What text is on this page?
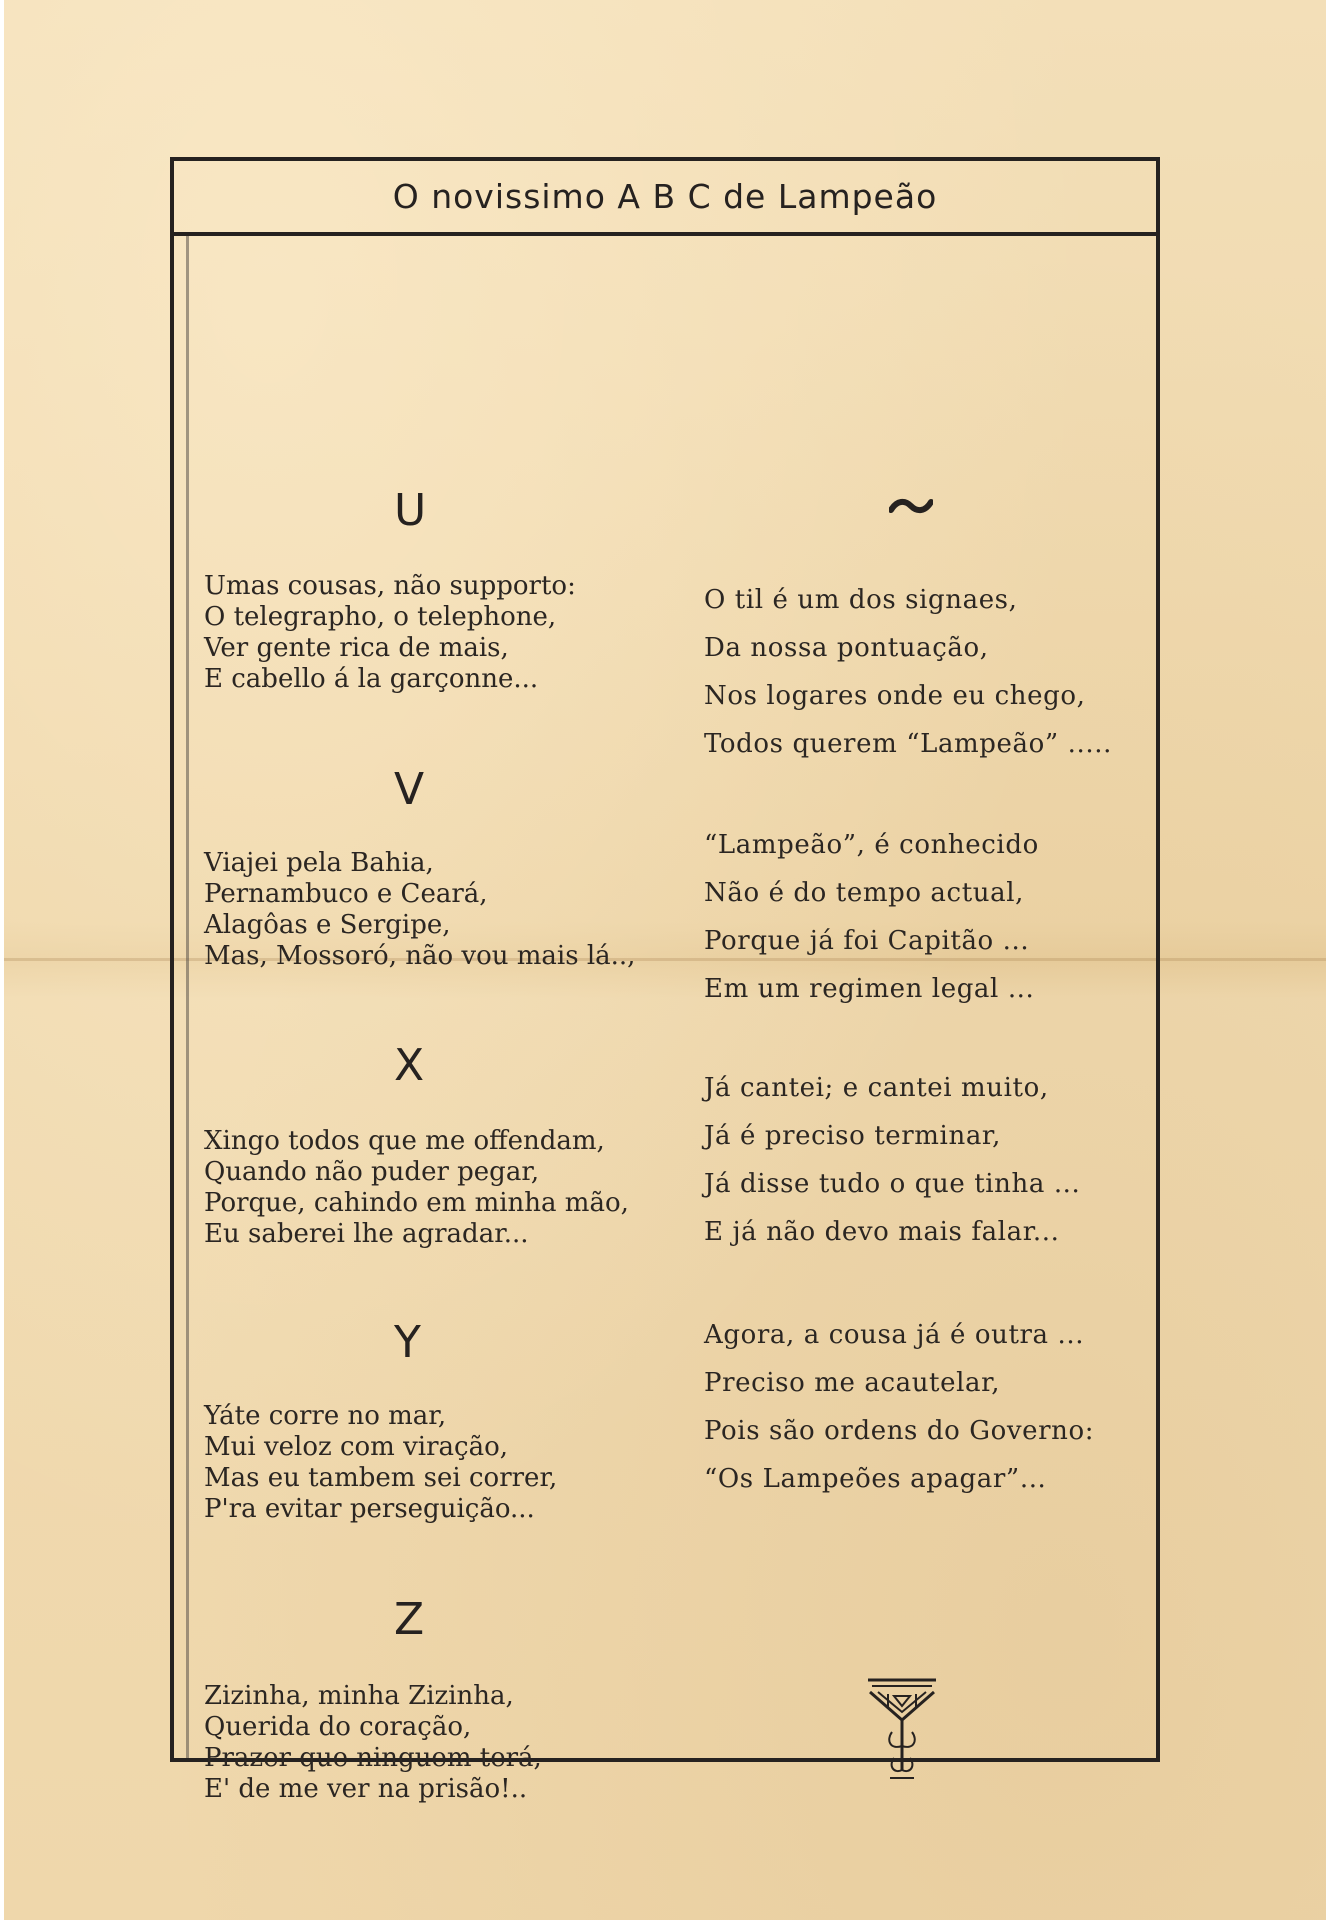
O novissimo A B C de Lampeão
U
Umas cousas, não supporto:
O telegrapho, o telephone,
Ver gente rica de mais,
E cabello á la garçonne...
V
Viajei pela Bahia,
Pernambuco e Ceará,
Alagôas e Sergipe,
Mas, Mossoró, não vou mais lá..,
X
Xingo todos que me offendam,
Quando não puder pegar,
Porque, cahindo em minha mão,
Eu saberei lhe agradar...
Y
Yáte corre no mar,
Mui veloz com viração,
Mas eu tambem sei correr,
P'ra evitar perseguição...
Z
Zizinha, minha Zizinha,
Querida do coração,
Prazer que ninguem terá,
E' de me ver na prisão!..
O til é um dos signaes,
Da nossa pontuação,
Nos logares onde eu chego,
Todos querem “Lampeão” .....
“Lampeão”, é conhecido
Não é do tempo actual,
Porque já foi Capitão ...
Em um regimen legal ...
Já cantei; e cantei muito,
Já é preciso terminar,
Já disse tudo o que tinha ...
E já não devo mais falar...
Agora, a cousa já é outra ...
Preciso me acautelar,
Pois são ordens do Governo:
“Os Lampeões apagar”...
